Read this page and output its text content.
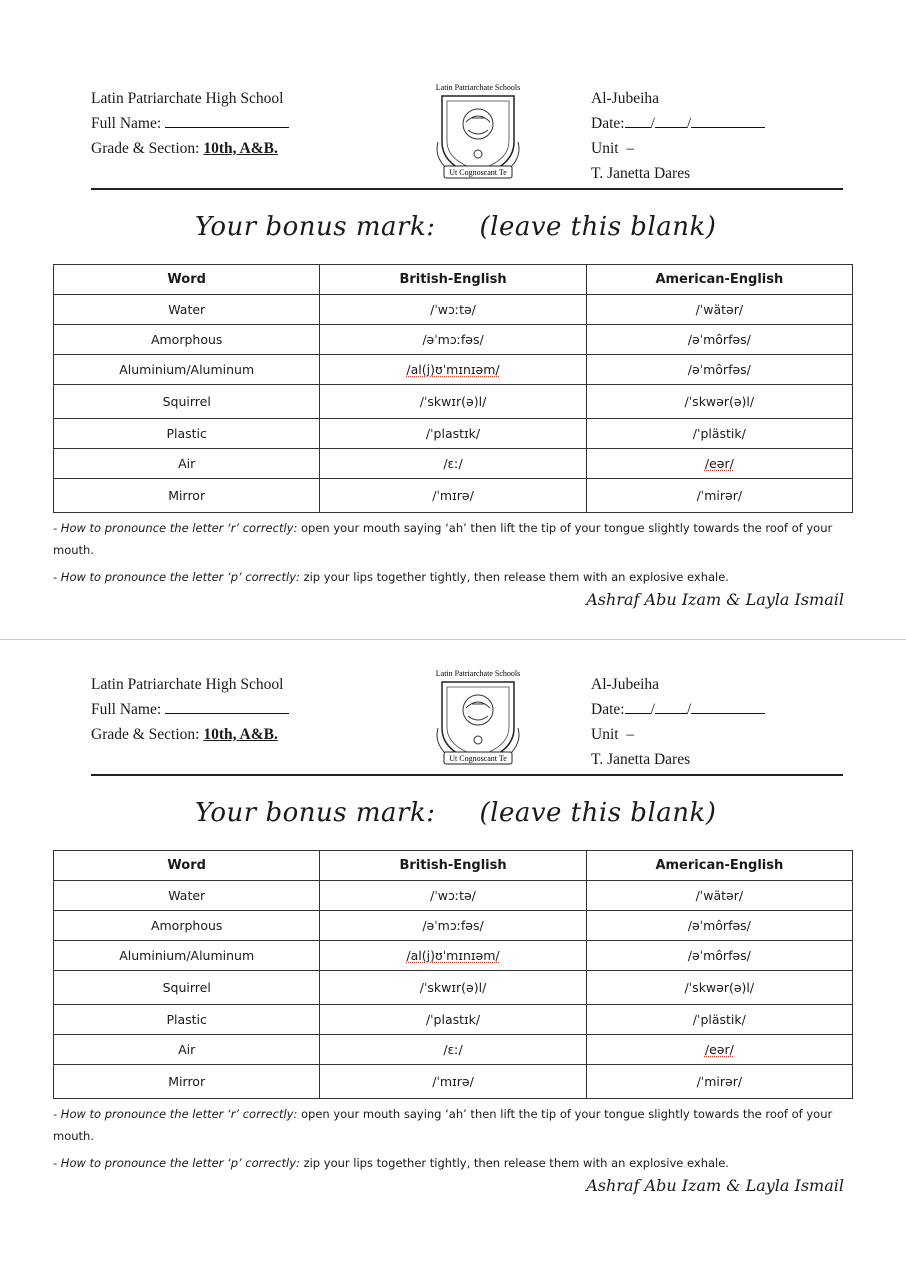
Latin Patriarchate High School
Full Name:
Grade & Section: 10th, A&B.
Latin Patriarchate Schools
Ut Cognoscant Te
Al-Jubeiha
Date: / /
Unit –
T. Janetta Dares
Your bonus mark: (leave this blank)
Word	British-English	American-English
Water	/ˈwɔːtə/	/ˈwätər/
Amorphous	/əˈmɔːfəs/	/əˈmôrfəs/
Aluminium/Aluminum	/al(j)ʊˈmɪnɪəm/	/əˈmôrfəs/
Squirrel	/ˈskwɪr(ə)l/	/ˈskwər(ə)l/
Plastic	/ˈplastɪk/	/ˈplästik/
Air	/ɛː/	/eər/
Mirror	/ˈmɪrə/	/ˈmirər/

- How to pronounce the letter ‘r’ correctly: open your mouth saying ‘ah’ then lift the tip of your tongue slightly towards the roof of your mouth.

- How to pronounce the letter ‘p’ correctly: zip your lips together tightly, then release them with an explosive exhale.

Ashraf Abu Izam & Layla Ismail
Latin Patriarchate High School
Full Name:
Grade & Section: 10th, A&B.
Latin Patriarchate Schools
Ut Cognoscant Te
Al-Jubeiha
Date: / /
Unit –
T. Janetta Dares
Your bonus mark: (leave this blank)
Word	British-English	American-English
Water	/ˈwɔːtə/	/ˈwätər/
Amorphous	/əˈmɔːfəs/	/əˈmôrfəs/
Aluminium/Aluminum	/al(j)ʊˈmɪnɪəm/	/əˈmôrfəs/
Squirrel	/ˈskwɪr(ə)l/	/ˈskwər(ə)l/
Plastic	/ˈplastɪk/	/ˈplästik/
Air	/ɛː/	/eər/
Mirror	/ˈmɪrə/	/ˈmirər/

- How to pronounce the letter ‘r’ correctly: open your mouth saying ‘ah’ then lift the tip of your tongue slightly towards the roof of your mouth.

- How to pronounce the letter ‘p’ correctly: zip your lips together tightly, then release them with an explosive exhale.

Ashraf Abu Izam & Layla Ismail
